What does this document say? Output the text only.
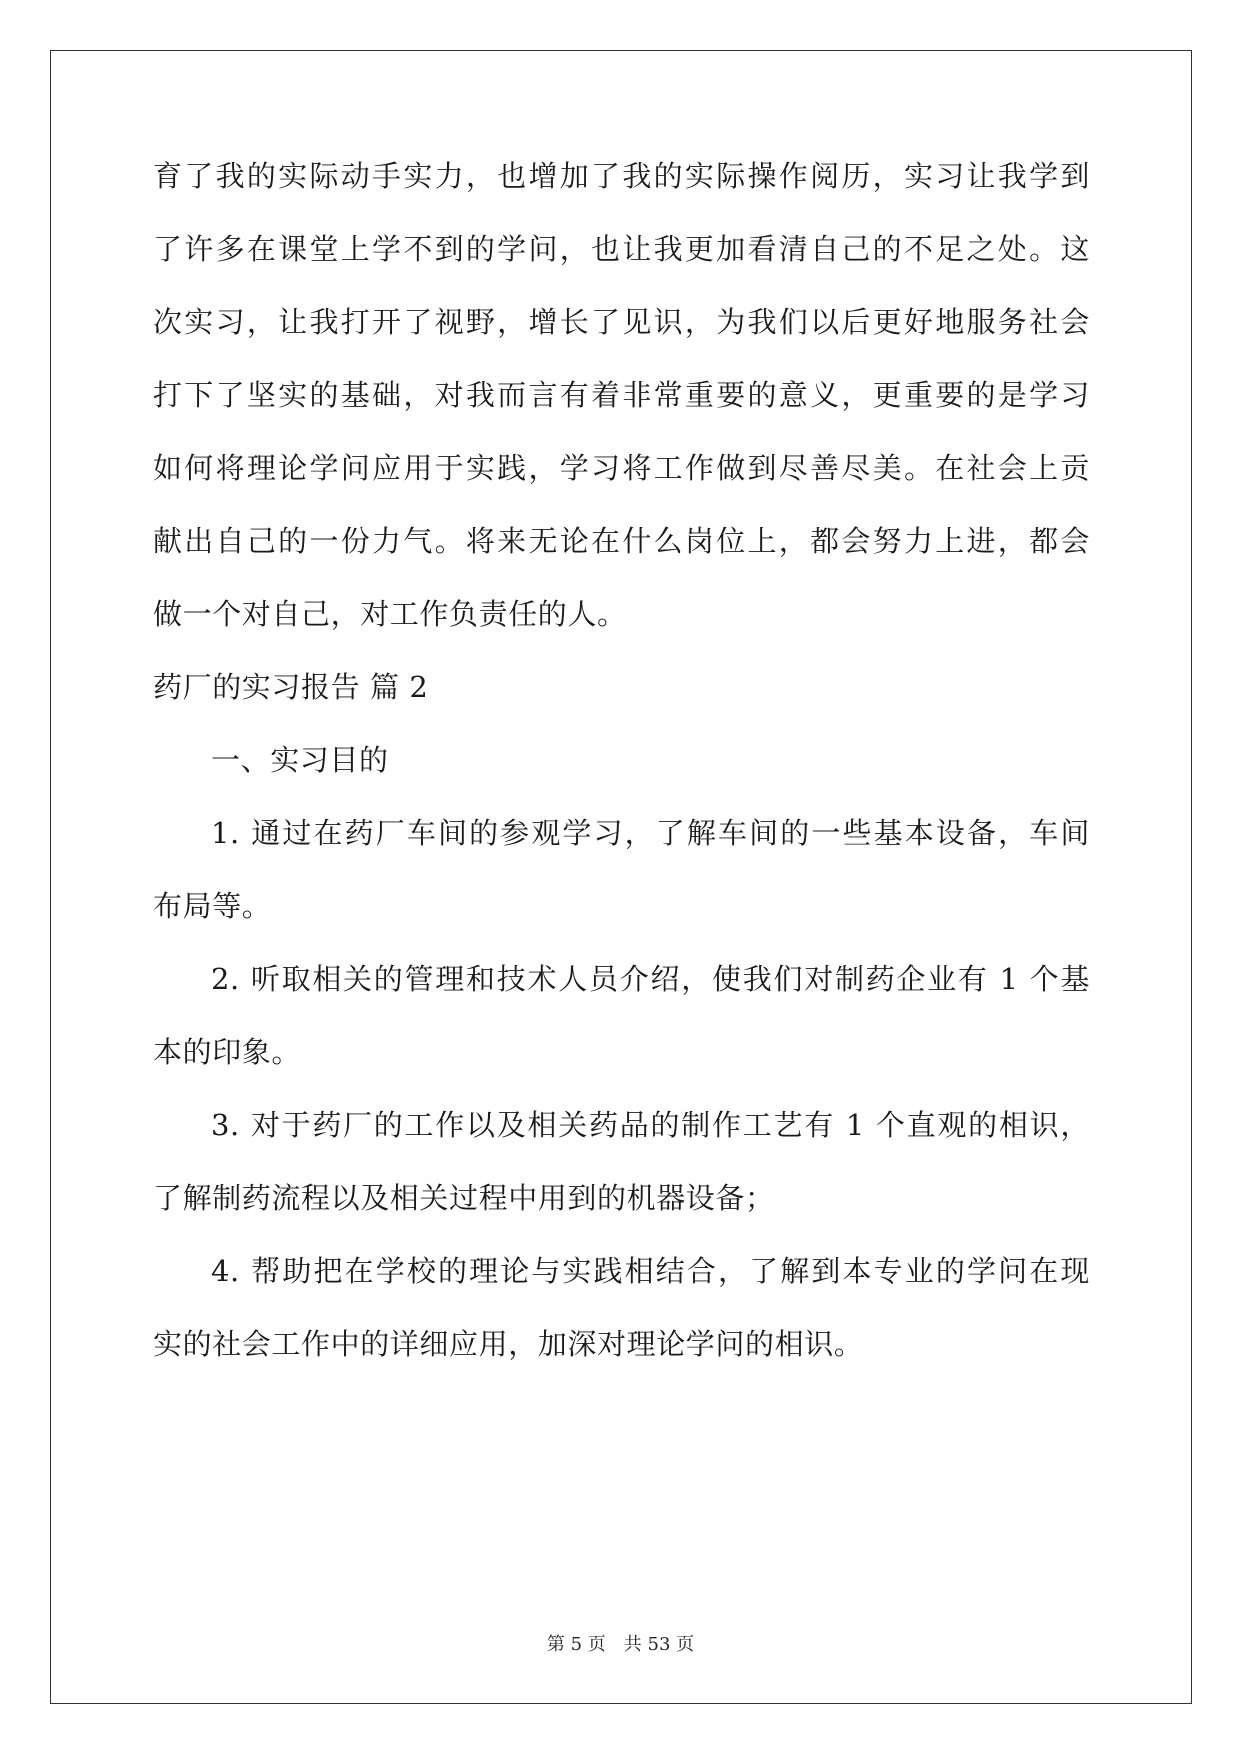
育了我的实际动手实力，也增加了我的实际操作阅历，实习让我学到
了许多在课堂上学不到的学问，也让我更加看清自己的不足之处。这
次实习，让我打开了视野，增长了见识，为我们以后更好地服务社会
打下了坚实的基础，对我而言有着非常重要的意义，更重要的是学习
如何将理论学问应用于实践，学习将工作做到尽善尽美。在社会上贡
献出自己的一份力气。将来无论在什么岗位上，都会努力上进，都会
做一个对自己，对工作负责任的人。
药厂的实习报告 篇 2
一、实习目的
1. 通过在药厂车间的参观学习，了解车间的一些基本设备，车间
布局等。
2. 听取相关的管理和技术人员介绍，使我们对制药企业有 1 个基
本的印象。
3. 对于药厂的工作以及相关药品的制作工艺有 1 个直观的相识，
了解制药流程以及相关过程中用到的机器设备；
4. 帮助把在学校的理论与实践相结合，了解到本专业的学问在现
实的社会工作中的详细应用，加深对理论学问的相识。
第 5 页　共 53 页
